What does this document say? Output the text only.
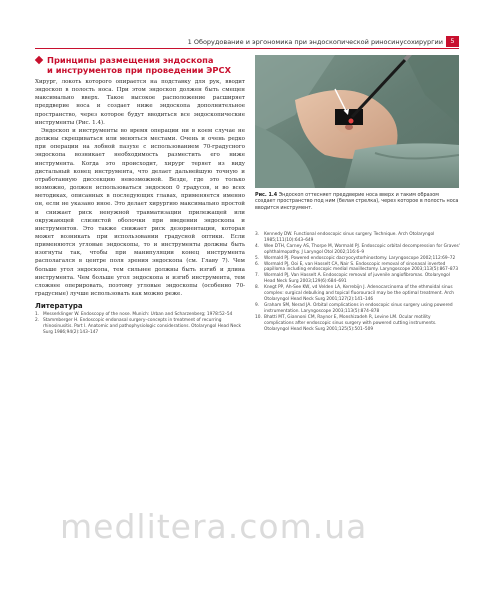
1 Оборудование и эргономика при эндоскопической риносинусохирургии	5
Принципы размещения эндоскопа
и инструментов при проведении ЭРСХ

Хирург, локоть которого опирается на подставку для рук, вводит эндоскоп в полость носа. При этом эндоскоп должен быть смещен максимально вверх. Такое высокое расположение расширяет преддверие носа и создает ниже эндоскопа дополнительное пространство, через которое будут вводиться все эндоскопические инструменты (Рис. 1.4).

Эндоскоп и инструменты во время операции ни в коем случае не должны скрещиваться или меняться местами. Очень и очень редко при операции на лобной пазухе с использованием 70-градусного эндоскопа возникает необходимость разместить его ниже инструмента. Когда это происходит, хирург теряет из виду дистальный конец инструмента, что делает дальнейшую точную и отработанную диссекцию невозможной. Везде, где это только возможно, должен использоваться эндоскоп 0 градусов, и во всех методиках, описанных в последующих главах, применяется именно он, если не указано иное. Это делает хирургию максимально простой и снижает риск ненужной травматизации прилежащей или окружающей слизистой оболочки при введении эндоскопа и инструментов. Это также снижает риск дезориентации, которая может возникать при использовании градусной оптики. Если применяются угловые эндоскопы, то и инструменты должны быть изогнуты так, чтобы при манипуляции конец инструмента располагался в центре поля зрения эндоскопа (см. Главу 7). Чем больше угол эндоскопа, тем сильнее должны быть изгиб и длина инструмента. Чем больше угол эндоскопа и изгиб инструмента, тем сложнее оперировать, поэтому угловые эндоскопы (особенно 70-градусные) лучше использовать как можно реже.

Литература
1. Messerklinger W. Endoscopy of the nose. Munich: Urban and Scharzenberg; 1978:52–54
2. Stammberger H. Endoscopic endonasal surgery–concepts in treatment of recurring rhinosinusitis. Part I. Anatomic and pathophysiologic considerations. Otolaryngol Head Neck Surg 1986;94(2):143–147
Рис. 1.4 Эндоскоп оттесняет преддверие носа вверх и таким образом создает пространство под ним (белая стрелка), через которое в полость носа вводится инструмент.
3.	Kennedy DW. Functional endoscopic sinus surgery. Technique. Arch Otolaryngol 1985;111(10):643–649
4.	Wee DTH, Carney AS, Thorpe M, Wormald PJ. Endoscopic orbital decompression for Graves' ophthalmopathy. J Laryngol Otol 2002;116:6–9
5.	Wormald PJ. Powered endoscopic dacryocystorhinostomy. Laryngoscope 2002;112:69–72
6.	Wormald PJ, Ooi E, van Hasselt CA, Nair S. Endoscopic removal of sinonasal inverted papilloma including endoscopic medial maxillectomy. Laryngoscope 2003;113(5):867–873
7.	Wormald PJ, Van Hasselt A. Endoscopic removal of juvenile angiofibromas. Otolaryngol Head Neck Surg 2003;129(6):684–691
8.	Knegt PP, Ah-See KW, vd Velden LA, Kerrebijn J. Adenocarcinoma of the ethmoidal sinus complex: surgical debulking and topical fluorouracil may be the optimal treatment. Arch Otolaryngol Head Neck Surg 2001;127(2):141–146
9.	Graham SM, Nerad JA. Orbital complications in endoscopic sinus surgery using powered instrumentation. Laryngoscope 2003;113(5):874–878
10. Bhatti MT, Giannoni CM, Raynor E, Monshizadeh R, Levine LM. Ocular motility complications after endoscopic sinus surgery with powered cutting instruments. Otolaryngol Head Neck Surg 2001;125(5):501–509
medlitera.com.ua
